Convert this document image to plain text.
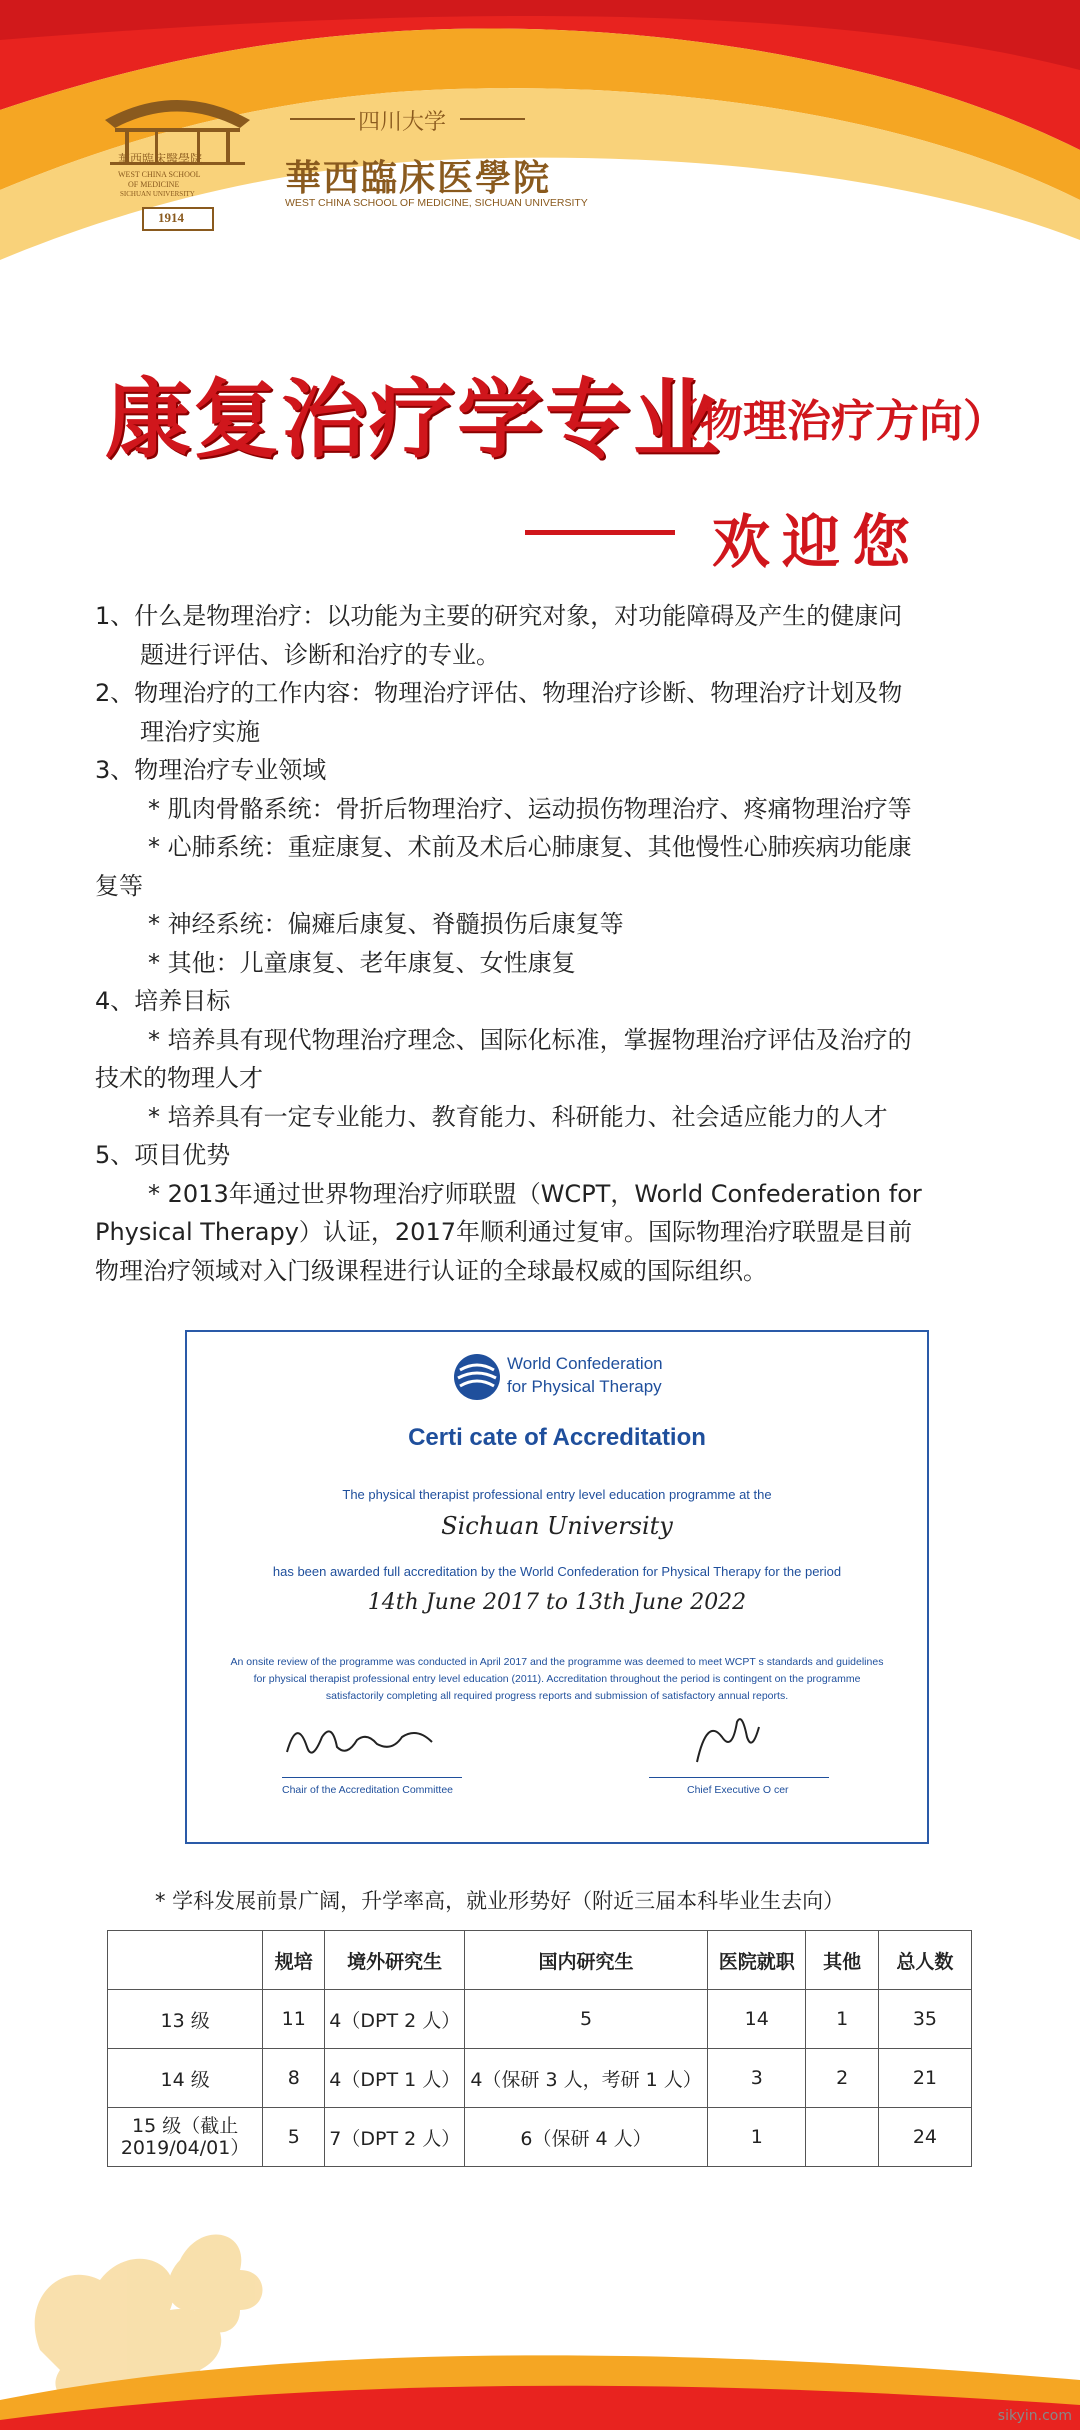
華西臨床醫學院
WEST CHINA SCHOOL
OF MEDICINE
SICHUAN UNIVERSITY
1914
四川大学
華西臨床医學院
WEST CHINA SCHOOL OF MEDICINE, SICHUAN UNIVERSITY
康复治疗学专业
（物理治疗方向）
欢迎您

1、什么是物理治疗：以功能为主要的研究对象，对功能障碍及产生的健康问

题进行评估、诊断和治疗的专业。

2、物理治疗的工作内容：物理治疗评估、物理治疗诊断、物理治疗计划及物

理治疗实施

3、物理治疗专业领域

* 肌肉骨骼系统：骨折后物理治疗、运动损伤物理治疗、疼痛物理治疗等

* 心肺系统：重症康复、术前及术后心肺康复、其他慢性心肺疾病功能康

复等

* 神经系统：偏瘫后康复、脊髓损伤后康复等

* 其他：儿童康复、老年康复、女性康复

4、培养目标

* 培养具有现代物理治疗理念、国际化标准，掌握物理治疗评估及治疗的

技术的物理人才

* 培养具有一定专业能力、教育能力、科研能力、社会适应能力的人才

5、项目优势

* 2013年通过世界物理治疗师联盟（WCPT，World Confederation for

Physical Therapy）认证，2017年顺利通过复审。国际物理治疗联盟是目前

物理治疗领域对入门级课程进行认证的全球最权威的国际组织。

World Confederation
for Physical Therapy
Certi cate of Accreditation
The physical therapist professional entry level education programme at the
Sichuan University
has been awarded full accreditation by the World Confederation for Physical Therapy for the period
14th June 2017 to 13th June 2022
An onsite review of the programme was conducted in April 2017 and the programme was deemed to meet WCPT s standards and guidelines
for physical therapist professional entry level education (2011). Accreditation throughout the period is contingent on the programme
satisfactorily completing all required progress reports and submission of satisfactory annual reports.
Chair of the Accreditation Committee	Chief Executive O cer
* 学科发展前景广阔，升学率高，就业形势好（附近三届本科毕业生去向）
	规培	境外研究生	国内研究生	医院就职	其他	总人数
13 级	11	4（DPT 2 人）	5	14	1	35
14 级	8	4（DPT 1 人）	4（保研 3 人，考研 1 人）	3	2	21
15 级（截止2019/04/01）	5	7（DPT 2 人）	6（保研 4 人）	1		24
sikyin.com
